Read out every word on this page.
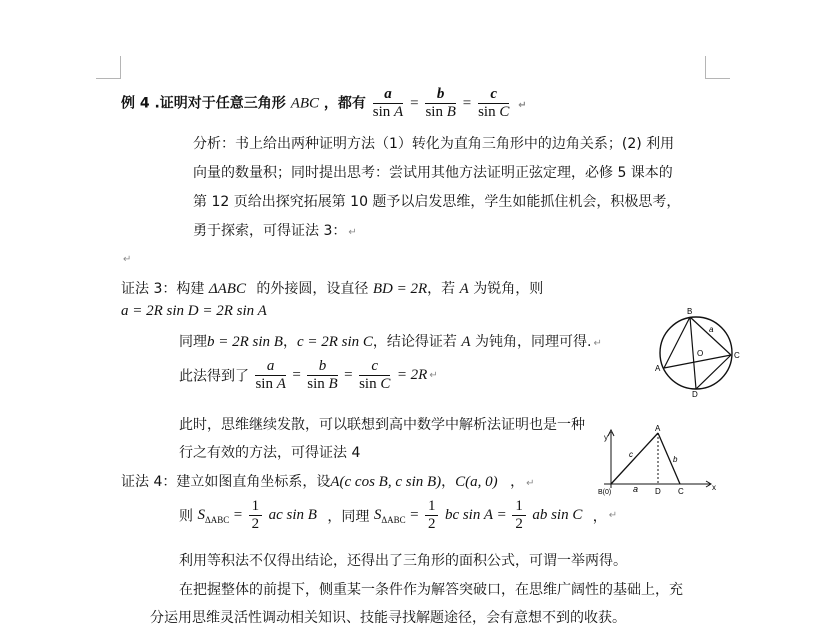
例 4 .证明对于任意三角形 ABC ，都有 $\frac{a}{\text{sin A}} = \frac{b}{\text{sin B}} = \frac{c}{\text{sin C}}$ ↵
分析：书上给出两种证明方法（1）转化为直角三角形中的边角关系；(2) 利用
向量的数量积；同时提出思考：尝试用其他方法证明正弦定理，必修 5 课本的
第 12 页给出探究拓展第 10 题予以启发思维，学生如能抓住机会，积极思考，
勇于探索，可得证法 3： ↵
↵
证法 3：构建 ΔABC 的外接圆，设直径 BD = 2R，若 A 为锐角，则
a = 2R sin D = 2R sin A
同理b = 2R sin B，c = 2R sin C，结论得证若 A 为钝角，同理可得. ↵
此法得到了 $\frac{a}{\text{sin A}} = \frac{b}{\text{sin B}} = \frac{c}{\text{sin C}} = 2R$ ↵
B
A
C
D
O
a
此时，思维继续发散，可以联想到高中数学中解析法证明也是一种
行之有效的方法，可得证法 4
y
x
A
B(0)	D C
a
b
c
证法 4：建立如图直角坐标系，设A(c cos B, c sin B)，C(a, 0) ， ↵
则 $S_{\Delta ABC} = \frac{1}{2}$ ac sin B ，同理 $S_{\Delta ABC} = \frac{1}{2}$ bc $\sin A = \frac{1}{2}$ ab sin C ， ↵
利用等积法不仅得出结论，还得出了三角形的面积公式，可谓一举两得。
在把握整体的前提下，侧重某一条件作为解答突破口，在思维广阔性的基础上，充
分运用思维灵活性调动相关知识、技能寻找解题途径，会有意想不到的收获。
